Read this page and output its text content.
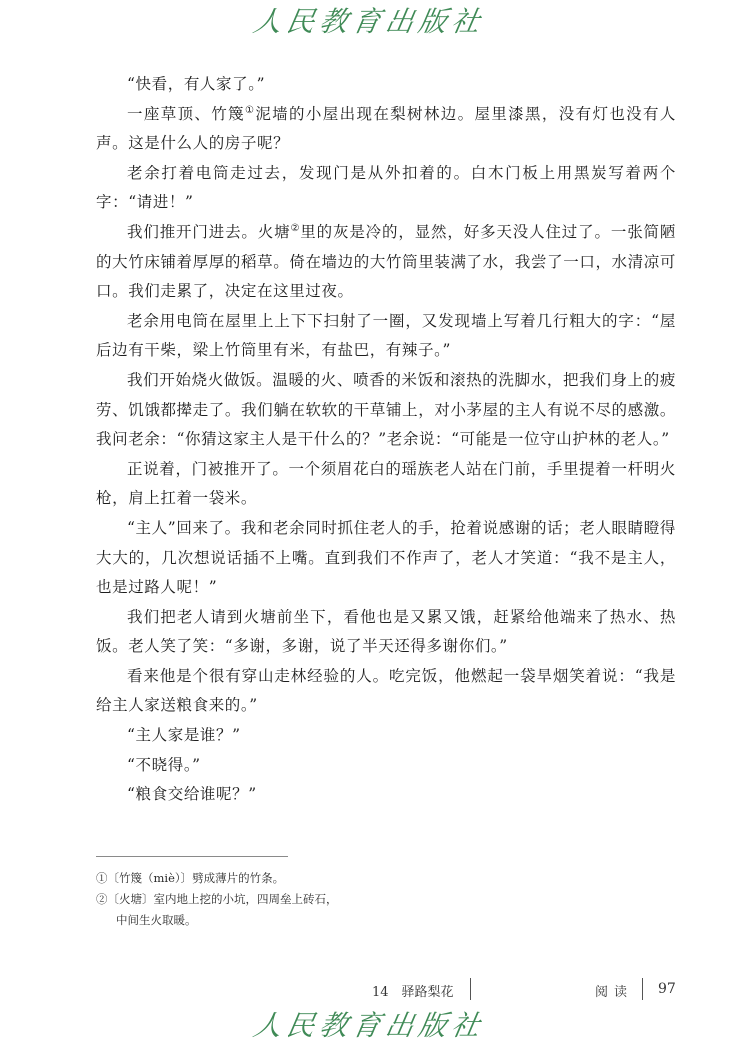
人民教育出版社

“快看，有人家了。”

一座草顶、竹篾①泥墙的小屋出现在梨树林边。屋里漆黑，没有灯也没有人声。这是什么人的房子呢？

老余打着电筒走过去，发现门是从外扣着的。白木门板上用黑炭写着两个字：“请进！”

我们推开门进去。火塘②里的灰是冷的，显然，好多天没人住过了。一张简陋的大竹床铺着厚厚的稻草。倚在墙边的大竹筒里装满了水，我尝了一口，水清凉可口。我们走累了，决定在这里过夜。

老余用电筒在屋里上上下下扫射了一圈，又发现墙上写着几行粗大的字：“屋后边有干柴，梁上竹筒里有米，有盐巴，有辣子。”

我们开始烧火做饭。温暖的火、喷香的米饭和滚热的洗脚水，把我们身上的疲劳、饥饿都撵走了。我们躺在软软的干草铺上，对小茅屋的主人有说不尽的感激。我问老余：“你猜这家主人是干什么的？”老余说：“可能是一位守山护林的老人。”

正说着，门被推开了。一个须眉花白的瑶族老人站在门前，手里提着一杆明火枪，肩上扛着一袋米。

“主人”回来了。我和老余同时抓住老人的手，抢着说感谢的话；老人眼睛瞪得大大的，几次想说话插不上嘴。直到我们不作声了，老人才笑道：“我不是主人，也是过路人呢！”

我们把老人请到火塘前坐下，看他也是又累又饿，赶紧给他端来了热水、热饭。老人笑了笑：“多谢，多谢，说了半天还得多谢你们。”

看来他是个很有穿山走林经验的人。吃完饭，他燃起一袋旱烟笑着说：“我是给主人家送粮食来的。”

“主人家是谁？”

“不晓得。”

“粮食交给谁呢？”

①〔竹篾（miè）〕劈成薄片的竹条。
②〔火塘〕室内地上挖的小坑，四周垒上砖石，
中间生火取暖。
14　驿路梨花	阅读 97
人民教育出版社
